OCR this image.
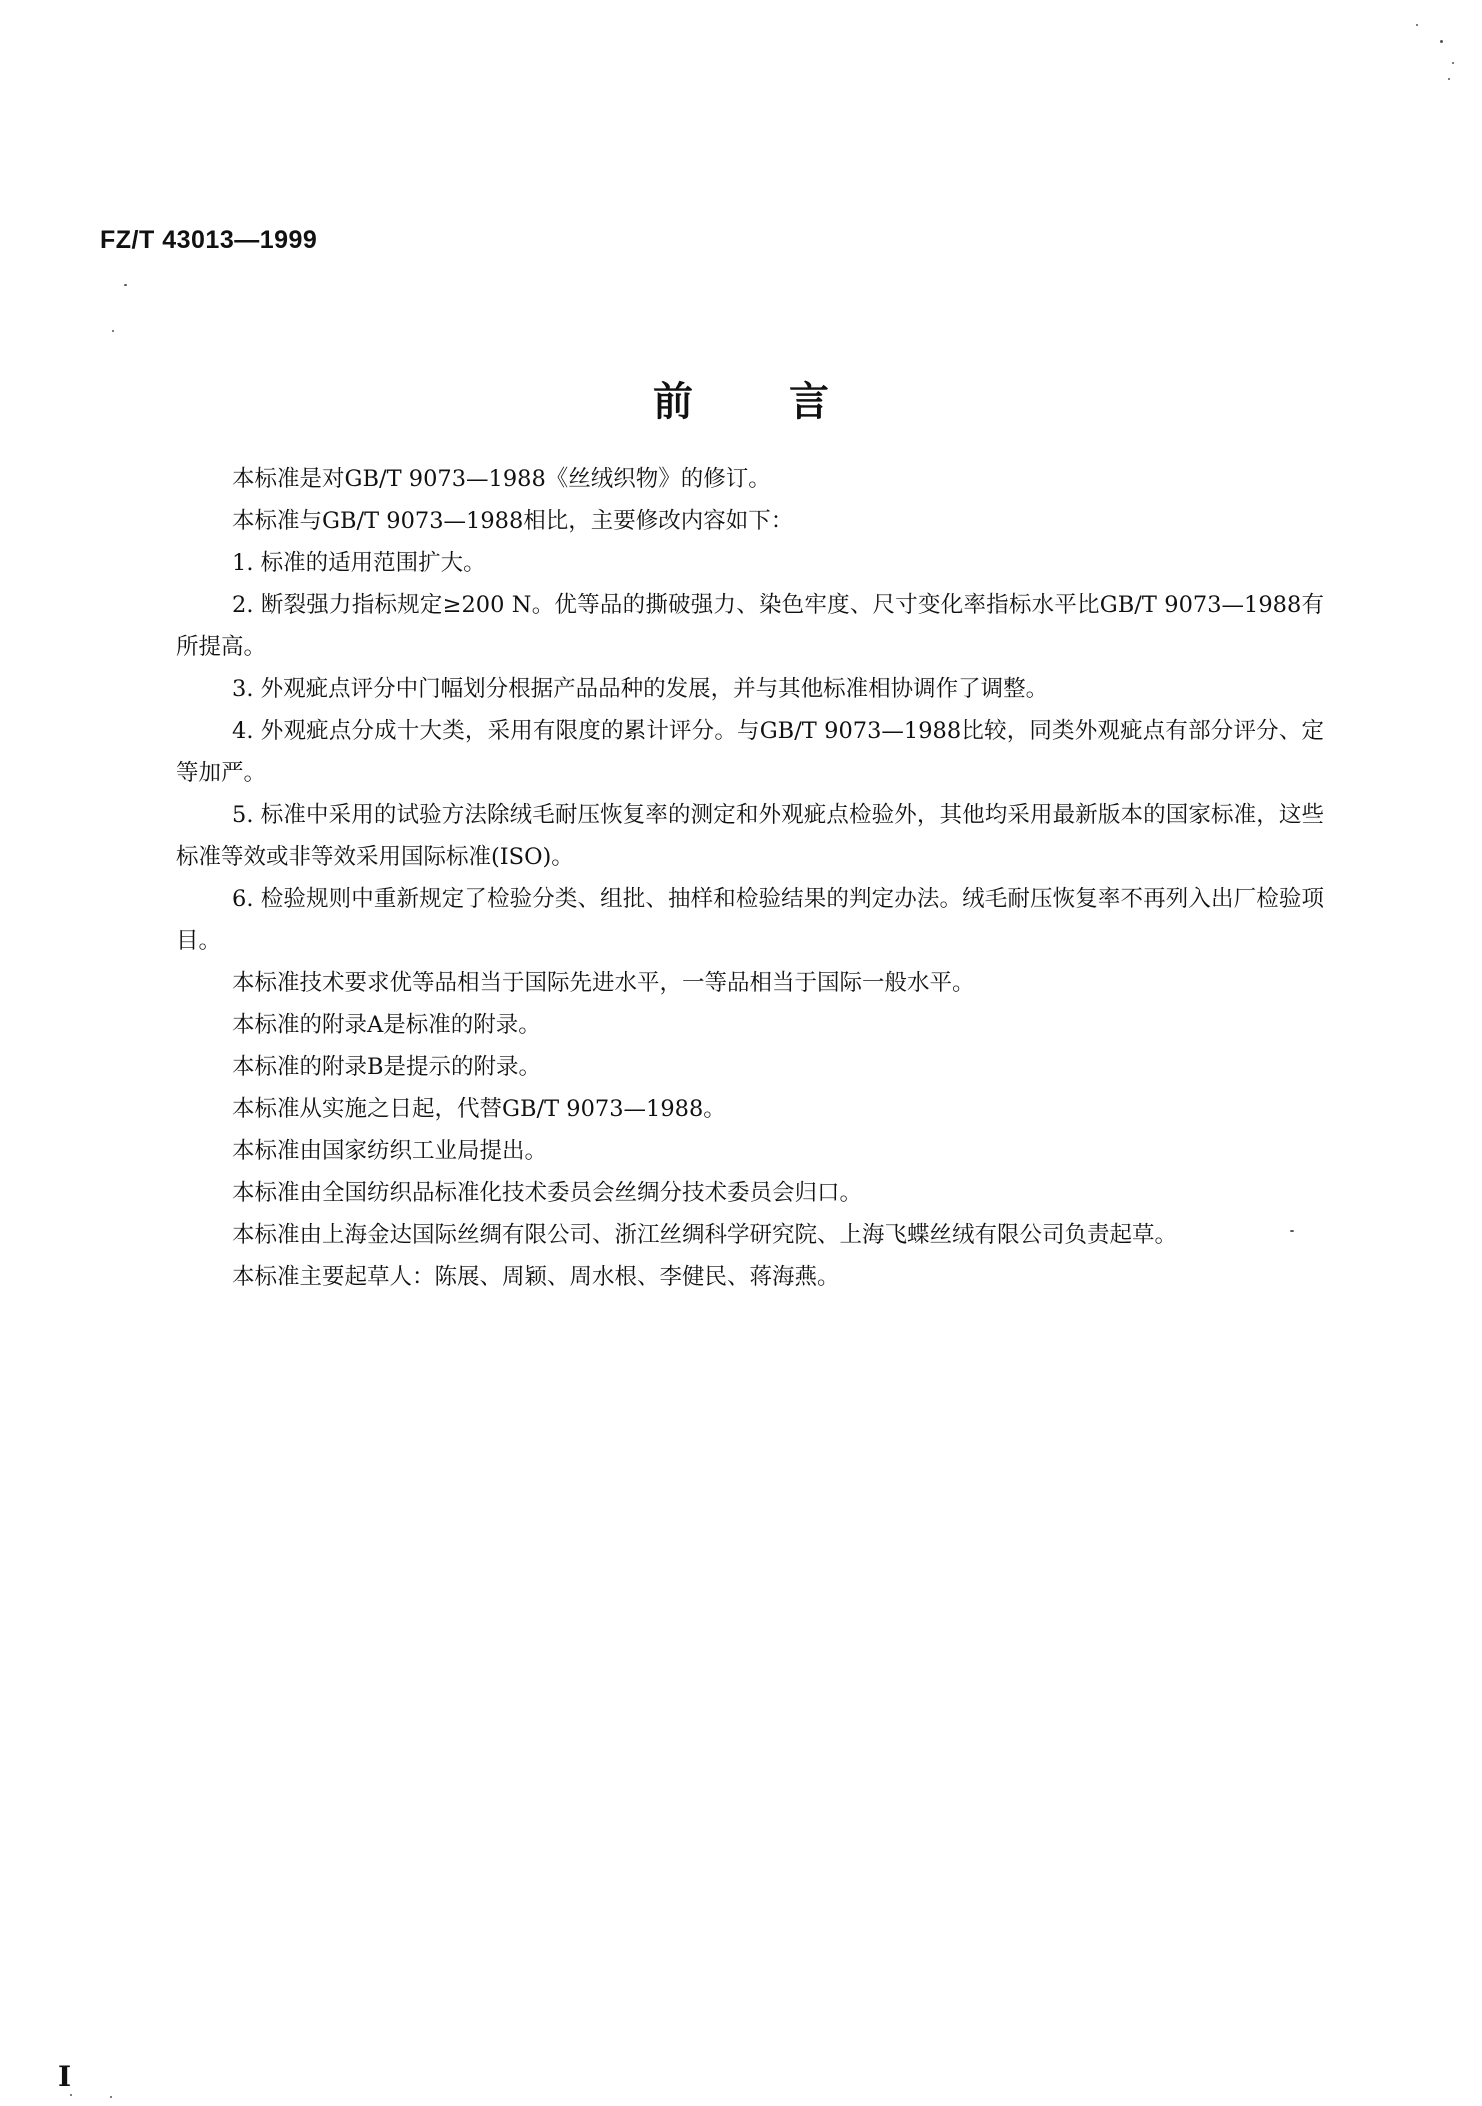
FZ/T 43013—1999
前言

本标准是对GB/T 9073—1988《丝绒织物》的修订。

本标准与GB/T 9073—1988相比，主要修改内容如下：

1. 标准的适用范围扩大。

2. 断裂强力指标规定≥200 N。优等品的撕破强力、染色牢度、尺寸变化率指标水平比GB/T 9073—1988有所提高。

3. 外观疵点评分中门幅划分根据产品品种的发展，并与其他标准相协调作了调整。

4. 外观疵点分成十大类，采用有限度的累计评分。与GB/T 9073—1988比较，同类外观疵点有部分评分、定等加严。

5. 标准中采用的试验方法除绒毛耐压恢复率的测定和外观疵点检验外，其他均采用最新版本的国家标准，这些标准等效或非等效采用国际标准(ISO)。

6. 检验规则中重新规定了检验分类、组批、抽样和检验结果的判定办法。绒毛耐压恢复率不再列入出厂检验项目。

本标准技术要求优等品相当于国际先进水平，一等品相当于国际一般水平。

本标准的附录A是标准的附录。

本标准的附录B是提示的附录。

本标准从实施之日起，代替GB/T 9073—1988。

本标准由国家纺织工业局提出。

本标准由全国纺织品标准化技术委员会丝绸分技术委员会归口。

本标准由上海金达国际丝绸有限公司、浙江丝绸科学研究院、上海飞蝶丝绒有限公司负责起草。

本标准主要起草人：陈展、周颖、周水根、李健民、蒋海燕。

I
